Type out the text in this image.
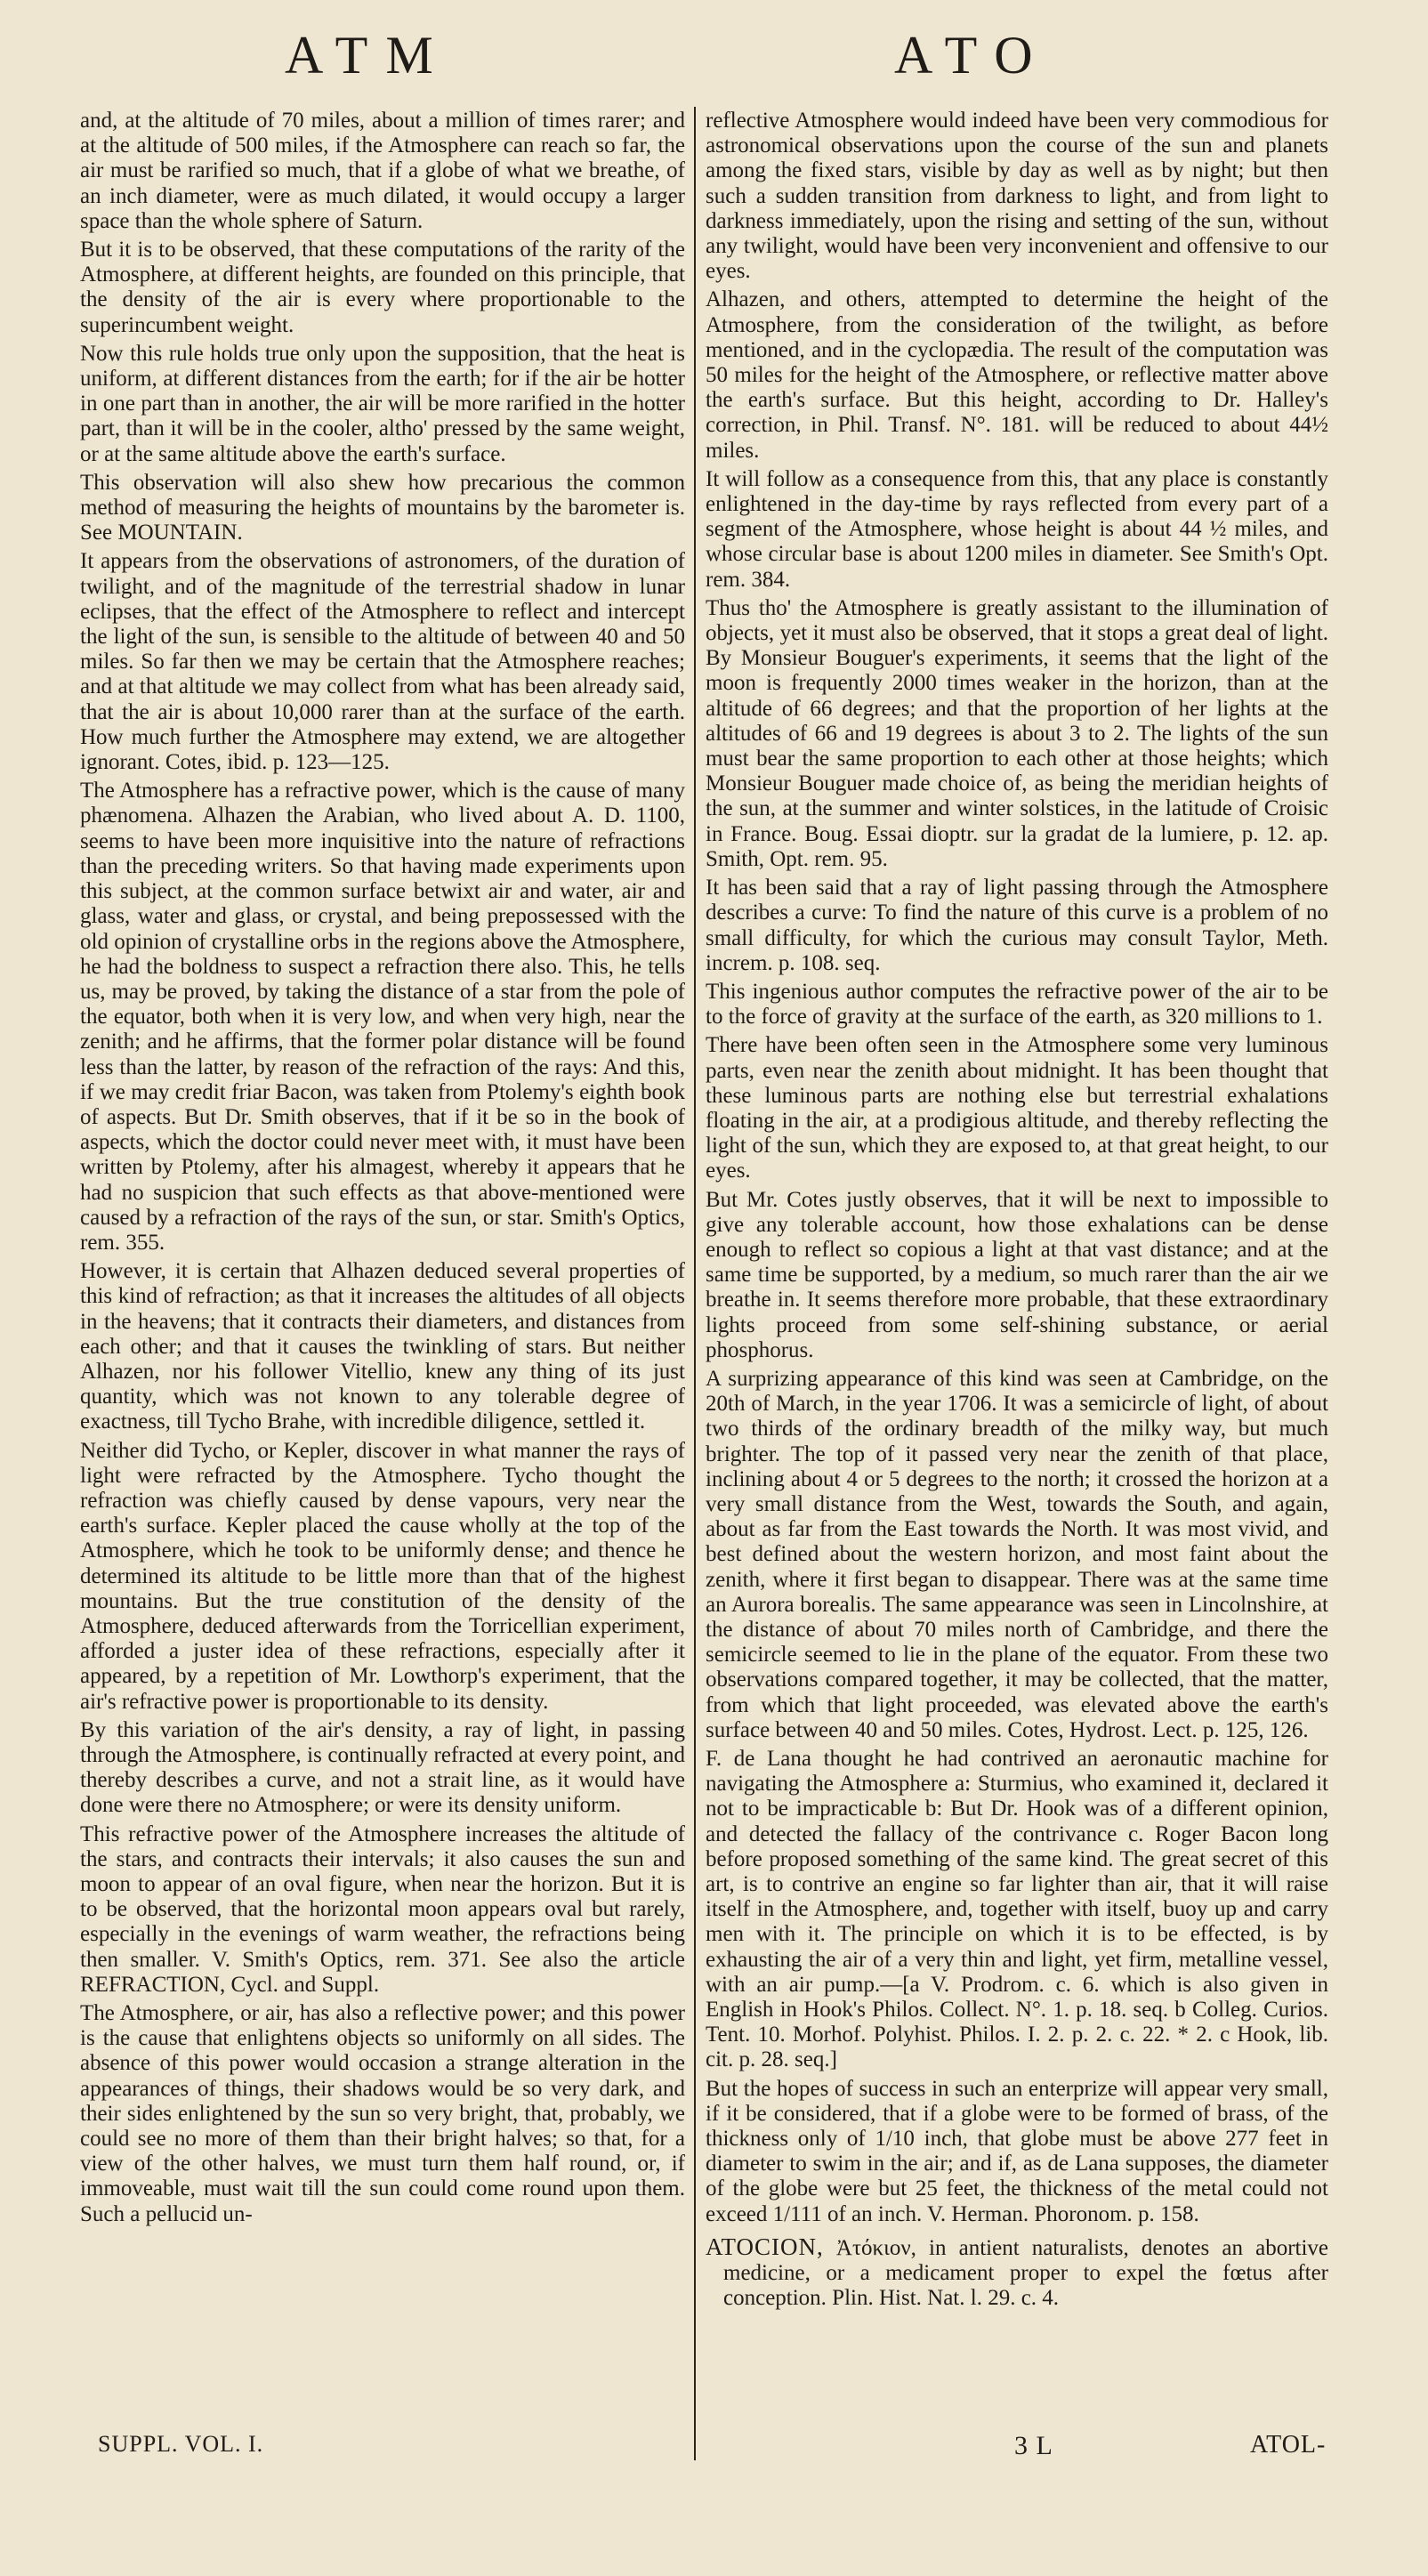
ATM	ATO

and, at the altitude of 70 miles, about a million of times rarer; and at the altitude of 500 miles, if the Atmosphere can reach so far, the air must be rarified so much, that if a globe of what we breathe, of an inch diameter, were as much dilated, it would occupy a larger space than the whole sphere of Saturn.

But it is to be observed, that these computations of the rarity of the Atmosphere, at different heights, are founded on this principle, that the density of the air is every where proportionable to the superincumbent weight.

Now this rule holds true only upon the supposition, that the heat is uniform, at different distances from the earth; for if the air be hotter in one part than in another, the air will be more rarified in the hotter part, than it will be in the cooler, altho' pressed by the same weight, or at the same altitude above the earth's surface.

This observation will also shew how precarious the common method of measuring the heights of mountains by the barometer is. See MOUNTAIN.

It appears from the observations of astronomers, of the duration of twilight, and of the magnitude of the terrestrial shadow in lunar eclipses, that the effect of the Atmosphere to reflect and intercept the light of the sun, is sensible to the altitude of between 40 and 50 miles. So far then we may be certain that the Atmosphere reaches; and at that altitude we may collect from what has been already said, that the air is about 10,000 rarer than at the surface of the earth. How much further the Atmosphere may extend, we are altogether ignorant. Cotes, ibid. p. 123—125.

The Atmosphere has a refractive power, which is the cause of many phænomena. Alhazen the Arabian, who lived about A. D. 1100, seems to have been more inquisitive into the nature of refractions than the preceding writers. So that having made experiments upon this subject, at the common surface betwixt air and water, air and glass, water and glass, or crystal, and being prepossessed with the old opinion of crystalline orbs in the regions above the Atmosphere, he had the boldness to suspect a refraction there also. This, he tells us, may be proved, by taking the distance of a star from the pole of the equator, both when it is very low, and when very high, near the zenith; and he affirms, that the former polar distance will be found less than the latter, by reason of the refraction of the rays: And this, if we may credit friar Bacon, was taken from Ptolemy's eighth book of aspects. But Dr. Smith observes, that if it be so in the book of aspects, which the doctor could never meet with, it must have been written by Ptolemy, after his almagest, whereby it appears that he had no suspicion that such effects as that above-mentioned were caused by a refraction of the rays of the sun, or star. Smith's Optics, rem. 355.

However, it is certain that Alhazen deduced several properties of this kind of refraction; as that it increases the altitudes of all objects in the heavens; that it contracts their diameters, and distances from each other; and that it causes the twinkling of stars. But neither Alhazen, nor his follower Vitellio, knew any thing of its just quantity, which was not known to any tolerable degree of exactness, till Tycho Brahe, with incredible diligence, settled it.

Neither did Tycho, or Kepler, discover in what manner the rays of light were refracted by the Atmosphere. Tycho thought the refraction was chiefly caused by dense vapours, very near the earth's surface. Kepler placed the cause wholly at the top of the Atmosphere, which he took to be uniformly dense; and thence he determined its altitude to be little more than that of the highest mountains. But the true constitution of the density of the Atmosphere, deduced afterwards from the Torricellian experiment, afforded a juster idea of these refractions, especially after it appeared, by a repetition of Mr. Lowthorp's experiment, that the air's refractive power is proportionable to its density.

By this variation of the air's density, a ray of light, in passing through the Atmosphere, is continually refracted at every point, and thereby describes a curve, and not a strait line, as it would have done were there no Atmosphere; or were its density uniform.

This refractive power of the Atmosphere increases the altitude of the stars, and contracts their intervals; it also causes the sun and moon to appear of an oval figure, when near the horizon. But it is to be observed, that the horizontal moon appears oval but rarely, especially in the evenings of warm weather, the refractions being then smaller. V. Smith's Optics, rem. 371. See also the article REFRACTION, Cycl. and Suppl.

The Atmosphere, or air, has also a reflective power; and this power is the cause that enlightens objects so uniformly on all sides. The absence of this power would occasion a strange alteration in the appearances of things, their shadows would be so very dark, and their sides enlightened by the sun so very bright, that, probably, we could see no more of them than their bright halves; so that, for a view of the other halves, we must turn them half round, or, if immoveable, must wait till the sun could come round upon them. Such a pellucid un-

reflective Atmosphere would indeed have been very commodious for astronomical observations upon the course of the sun and planets among the fixed stars, visible by day as well as by night; but then such a sudden transition from darkness to light, and from light to darkness immediately, upon the rising and setting of the sun, without any twilight, would have been very inconvenient and offensive to our eyes.

Alhazen, and others, attempted to determine the height of the Atmosphere, from the consideration of the twilight, as before mentioned, and in the cyclopædia. The result of the computation was 50 miles for the height of the Atmosphere, or reflective matter above the earth's surface. But this height, according to Dr. Halley's correction, in Phil. Transf. N°. 181. will be reduced to about 44½ miles.

It will follow as a consequence from this, that any place is constantly enlightened in the day-time by rays reflected from every part of a segment of the Atmosphere, whose height is about 44 ½ miles, and whose circular base is about 1200 miles in diameter. See Smith's Opt. rem. 384.

Thus tho' the Atmosphere is greatly assistant to the illumination of objects, yet it must also be observed, that it stops a great deal of light. By Monsieur Bouguer's experiments, it seems that the light of the moon is frequently 2000 times weaker in the horizon, than at the altitude of 66 degrees; and that the proportion of her lights at the altitudes of 66 and 19 degrees is about 3 to 2. The lights of the sun must bear the same proportion to each other at those heights; which Monsieur Bouguer made choice of, as being the meridian heights of the sun, at the summer and winter solstices, in the latitude of Croisic in France. Boug. Essai dioptr. sur la gradat de la lumiere, p. 12. ap. Smith, Opt. rem. 95.

It has been said that a ray of light passing through the Atmosphere describes a curve: To find the nature of this curve is a problem of no small difficulty, for which the curious may consult Taylor, Meth. increm. p. 108. seq.

This ingenious author computes the refractive power of the air to be to the force of gravity at the surface of the earth, as 320 millions to 1.

There have been often seen in the Atmosphere some very luminous parts, even near the zenith about midnight. It has been thought that these luminous parts are nothing else but terrestrial exhalations floating in the air, at a prodigious altitude, and thereby reflecting the light of the sun, which they are exposed to, at that great height, to our eyes.

But Mr. Cotes justly observes, that it will be next to impossible to give any tolerable account, how those exhalations can be dense enough to reflect so copious a light at that vast distance; and at the same time be supported, by a medium, so much rarer than the air we breathe in. It seems therefore more probable, that these extraordinary lights proceed from some self-shining substance, or aerial phosphorus.

A surprizing appearance of this kind was seen at Cambridge, on the 20th of March, in the year 1706. It was a semicircle of light, of about two thirds of the ordinary breadth of the milky way, but much brighter. The top of it passed very near the zenith of that place, inclining about 4 or 5 degrees to the north; it crossed the horizon at a very small distance from the West, towards the South, and again, about as far from the East towards the North. It was most vivid, and best defined about the western horizon, and most faint about the zenith, where it first began to disappear. There was at the same time an Aurora borealis. The same appearance was seen in Lincolnshire, at the distance of about 70 miles north of Cambridge, and there the semicircle seemed to lie in the plane of the equator. From these two observations compared together, it may be collected, that the matter, from which that light proceeded, was elevated above the earth's surface between 40 and 50 miles. Cotes, Hydrost. Lect. p. 125, 126.

F. de Lana thought he had contrived an aeronautic machine for navigating the Atmosphere a: Sturmius, who examined it, declared it not to be impracticable b: But Dr. Hook was of a different opinion, and detected the fallacy of the contrivance c. Roger Bacon long before proposed something of the same kind. The great secret of this art, is to contrive an engine so far lighter than air, that it will raise itself in the Atmosphere, and, together with itself, buoy up and carry men with it. The principle on which it is to be effected, is by exhausting the air of a very thin and light, yet firm, metalline vessel, with an air pump.—[a V. Prodrom. c. 6. which is also given in English in Hook's Philos. Collect. N°. 1. p. 18. seq. b Colleg. Curios. Tent. 10. Morhof. Polyhist. Philos. I. 2. p. 2. c. 22. * 2. c Hook, lib. cit. p. 28. seq.]

But the hopes of success in such an enterprize will appear very small, if it be considered, that if a globe were to be formed of brass, of the thickness only of 1/10 inch, that globe must be above 277 feet in diameter to swim in the air; and if, as de Lana supposes, the diameter of the globe were but 25 feet, the thickness of the metal could not exceed 1/111 of an inch. V. Herman. Phoronom. p. 158.

ATOCION, Ἀτόκιον, in antient naturalists, denotes an abortive medicine, or a medicament proper to expel the fœtus after conception. Plin. Hist. Nat. l. 29. c. 4.

SUPPL. VOL. I.	3 L	ATOL-
